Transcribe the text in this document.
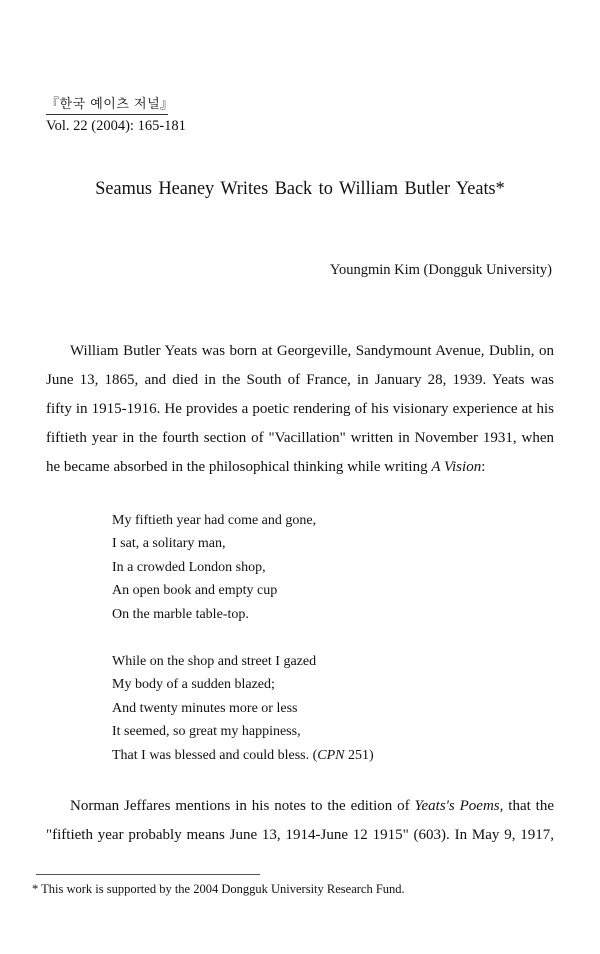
『한국 예이츠 저널』
Vol. 22 (2004): 165-181
Seamus Heaney Writes Back to William Butler Yeats*
Youngmin Kim (Dongguk University)
William Butler Yeats was born at Georgeville, Sandymount Avenue, Dublin, on
June 13, 1865, and died in the South of France, in January 28, 1939. Yeats was
fifty in 1915-1916. He provides a poetic rendering of his visionary experience at his
fiftieth year in the fourth section of "Vacillation" written in November 1931, when
he became absorbed in the philosophical thinking while writing A Vision:
My fiftieth year had come and gone,
I sat, a solitary man,
In a crowded London shop,
An open book and empty cup
On the marble table-top.
While on the shop and street I gazed
My body of a sudden blazed;
And twenty minutes more or less
It seemed, so great my happiness,
That I was blessed and could bless. (CPN 251)
Norman Jeffares mentions in his notes to the edition of Yeats's Poems, that the
"fiftieth year probably means June 13, 1914-June 12 1915" (603). In May 9, 1917,
* This work is supported by the 2004 Dongguk University Research Fund.
